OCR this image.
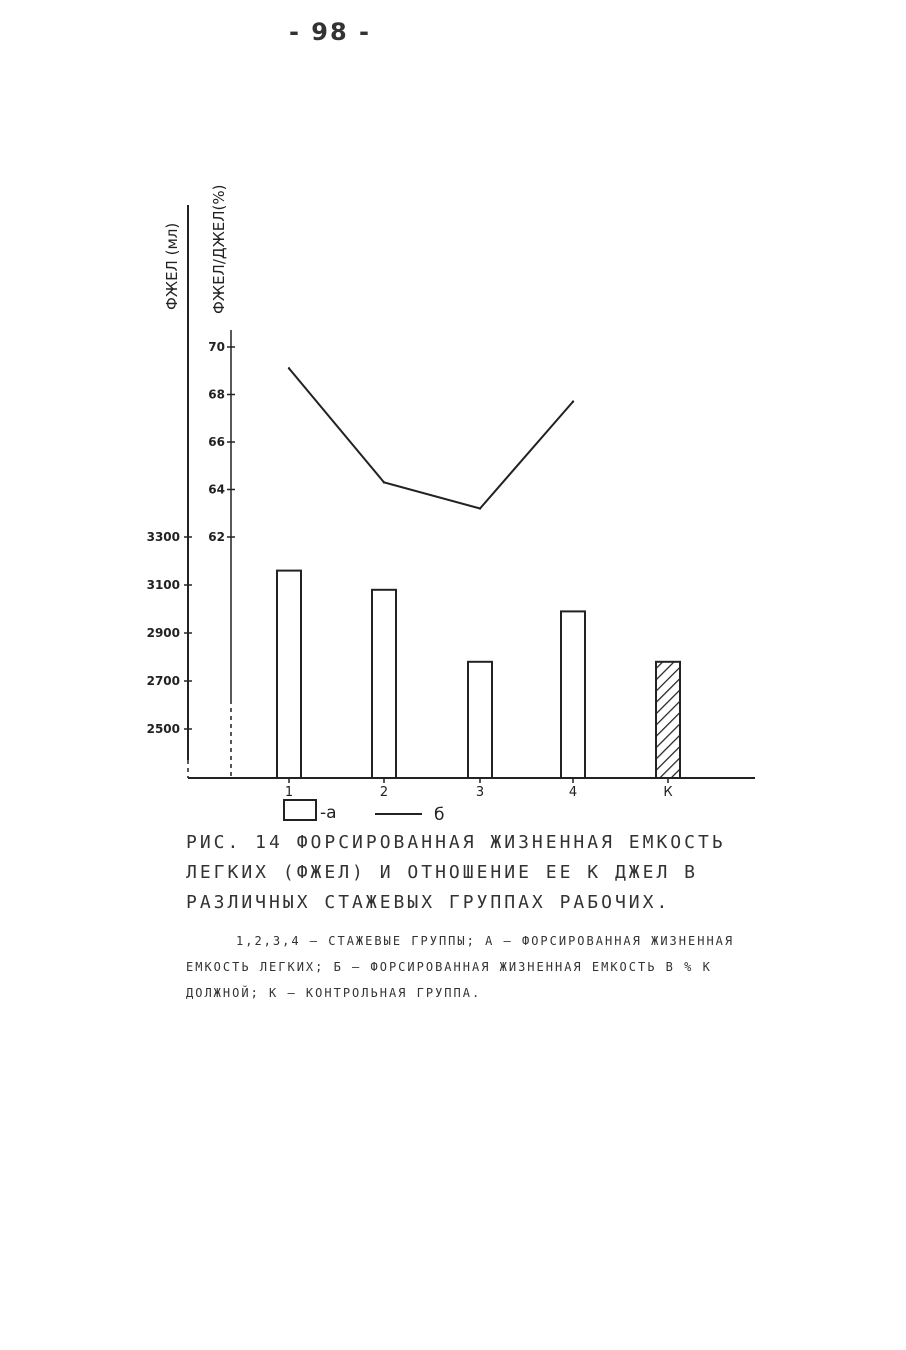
- 98 -
ФЖЕЛ (мл) ФЖЕЛ/ДЖЕЛ(%)
2500
2700
2900
3100
3300 62
64
66
68
70
1	2	3	4	К
-а	б

РИС. 14 ФОРСИРОВАННАЯ ЖИЗНЕННАЯ ЕМКОСТЬ ЛЕГКИХ (ФЖЕЛ) И ОТНОШЕНИЕ ЕЕ К ДЖЕЛ В РАЗЛИЧНЫХ СТАЖЕВЫХ ГРУППАХ РАБОЧИХ.

1,2,3,4 — СТАЖЕВЫЕ ГРУППЫ; А — ФОРСИРОВАННАЯ ЖИЗНЕННАЯ ЕМКОСТЬ ЛЕГКИХ; Б — ФОРСИРОВАННАЯ ЖИЗНЕННАЯ ЕМКОСТЬ В % К ДОЛЖНОЙ; К — КОНТРОЛЬНАЯ ГРУППА.
